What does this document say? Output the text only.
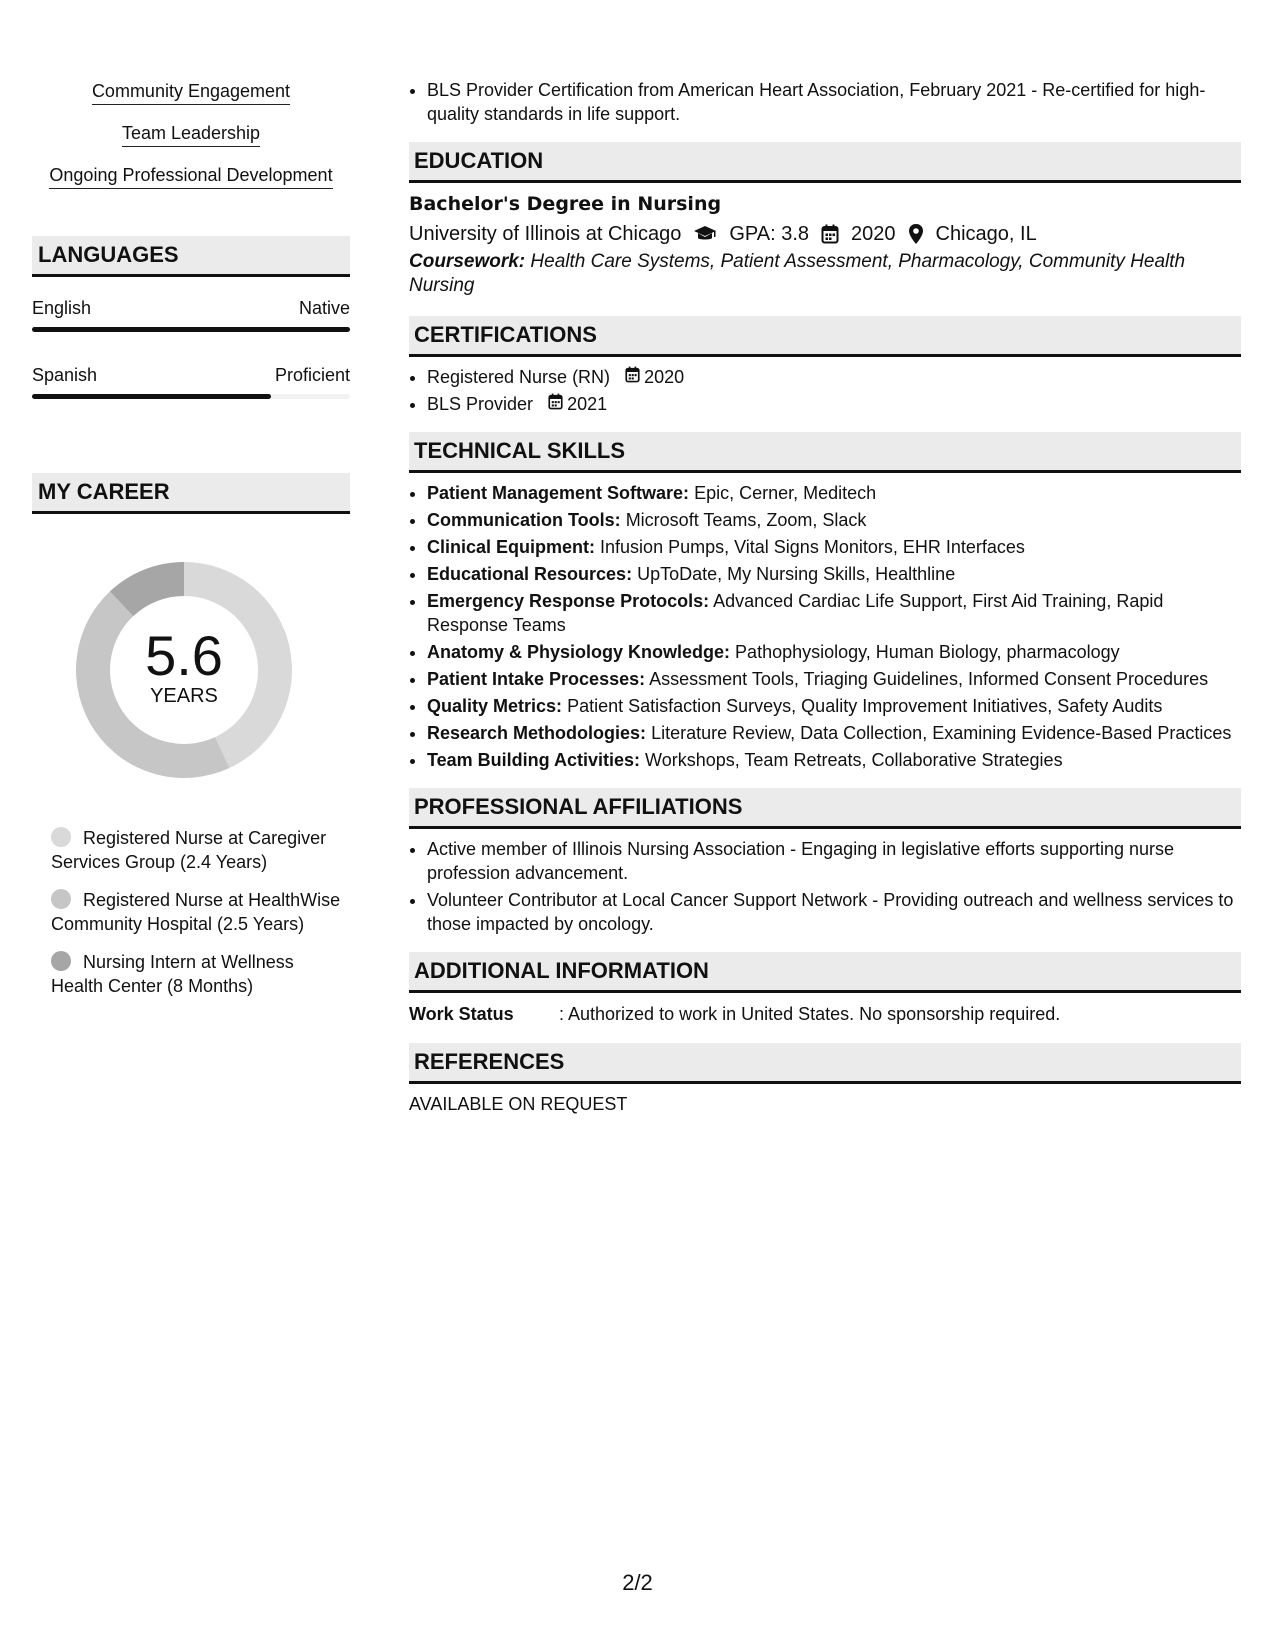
Community Engagement
Team Leadership
Ongoing Professional Development
LANGUAGES
English	Native
Spanish	Proficient
MY CAREER
5.6
YEARS
Registered Nurse at Caregiver Services Group (2.4 Years)
Registered Nurse at HealthWise Community Hospital (2.5 Years)
Nursing Intern at Wellness Health Center (8 Months)
• BLS Provider Certification from American Heart Association, February 2021 - Re-certified for high-quality standards in life support.
EDUCATION
Bachelor's Degree in Nursing
University of Illinois at Chicago GPA: 3.8 2020 Chicago, IL
Coursework: Health Care Systems, Patient Assessment, Pharmacology, Community Health Nursing
CERTIFICATIONS
• Registered Nurse (RN) 2020
• BLS Provider 2021
TECHNICAL SKILLS
• Patient Management Software: Epic, Cerner, Meditech
• Communication Tools: Microsoft Teams, Zoom, Slack
• Clinical Equipment: Infusion Pumps, Vital Signs Monitors, EHR Interfaces
• Educational Resources: UpToDate, My Nursing Skills, Healthline
• Emergency Response Protocols: Advanced Cardiac Life Support, First Aid Training, Rapid Response Teams
• Anatomy & Physiology Knowledge: Pathophysiology, Human Biology, pharmacology
• Patient Intake Processes: Assessment Tools, Triaging Guidelines, Informed Consent Procedures
• Quality Metrics: Patient Satisfaction Surveys, Quality Improvement Initiatives, Safety Audits
• Research Methodologies: Literature Review, Data Collection, Examining Evidence-Based Practices
• Team Building Activities: Workshops, Team Retreats, Collaborative Strategies
PROFESSIONAL AFFILIATIONS
• Active member of Illinois Nursing Association - Engaging in legislative efforts supporting nurse profession advancement.
• Volunteer Contributor at Local Cancer Support Network - Providing outreach and wellness services to those impacted by oncology.
ADDITIONAL INFORMATION
Work Status	: Authorized to work in United States. No sponsorship required.
REFERENCES
AVAILABLE ON REQUEST
2/2
